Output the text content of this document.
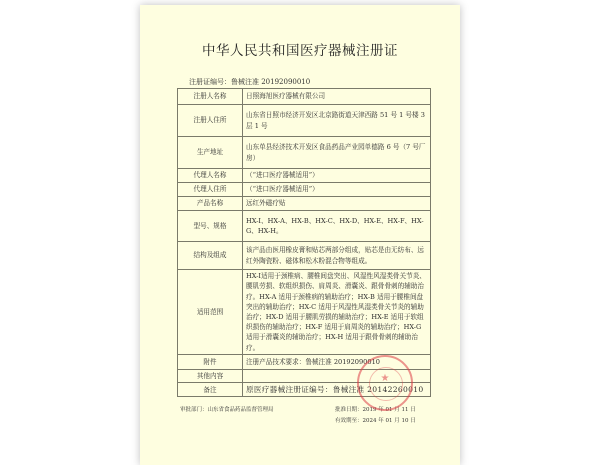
中华人民共和国医疗器械注册证
注册证编号：鲁械注准 20192090010
注册人名称	日照海旭医疗器械有限公司
注册人住所	山东省日照市经济开发区北京路街道天津西路 51 号 1 号楼 3 层 1 号
生产地址	山东单县经济技术开发区食品药品产业园单德路 6 号（7 号厂房）
代理人名称	（“进口医疗器械适用”）
代理人住所	（“进口医疗器械适用”）
产品名称	远红外磁疗贴
型号、规格	HX-Ⅰ、HX-A、HX-B、HX-C、HX-D、HX-E、HX-F、HX-G、HX-H。
结构及组成	该产品由医用橡皮膏和贴芯两部分组成，贴芯是由无纺布、远红外陶瓷粉、磁体和松木粉混合物等组成。
适用范围	HX-Ⅰ适用于颈椎病、腰椎间盘突出、风湿性风湿类骨关节炎、腰肌劳损、软组织损伤、肩周炎、滑囊炎、跟骨骨刺的辅助治疗。HX-A 适用于颈椎病的辅助治疗；HX-B 适用于腰椎间盘突出的辅助治疗；HX-C 适用于风湿性风湿类骨关节炎的辅助治疗；HX-D 适用于腰肌劳损的辅助治疗；HX-E 适用于软组织损伤的辅助治疗；HX-F 适用于肩周炎的辅助治疗；HX-G 适用于滑囊炎的辅助治疗；HX-H 适用于跟骨骨刺的辅助治疗。
附件	注册产品技术要求：鲁械注准 20192090010
其他内容	
备注	原医疗器械注册证编号：鲁械注准 20142260010
审批部门：山东省食品药品监督管理局	批准日期：2019 年 01 月 11 日
有效期至：2024 年 01 月 10 日
★
